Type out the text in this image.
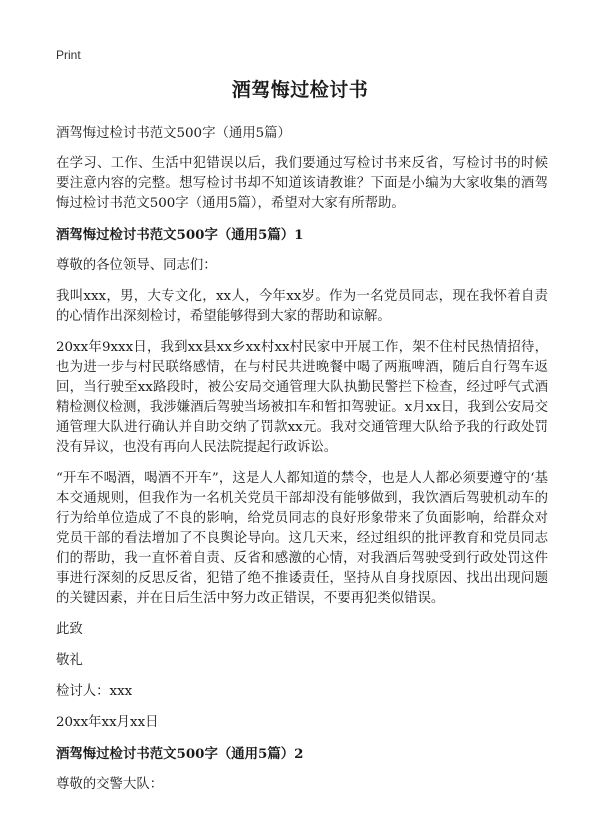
Print
酒驾悔过检讨书

酒驾悔过检讨书范文500字（通用5篇）

在学习、工作、生活中犯错误以后，我们要通过写检讨书来反省，写检讨书的时候要注意内容的完整。想写检讨书却不知道该请教谁？下面是小编为大家收集的酒驾悔过检讨书范文500字（通用5篇），希望对大家有所帮助。

酒驾悔过检讨书范文500字（通用5篇）1

尊敬的各位领导、同志们：

我叫xxx，男，大专文化，xx人，今年xx岁。作为一名党员同志，现在我怀着自责的心情作出深刻检讨，希望能够得到大家的帮助和谅解。

20xx年9xxx日，我到xx县xx乡xx村xx村民家中开展工作，架不住村民热情招待，也为进一步与村民联络感情，在与村民共进晚餐中喝了两瓶啤酒，随后自行驾车返回，当行驶至xx路段时，被公安局交通管理大队执勤民警拦下检查，经过呼气式酒精检测仪检测，我涉嫌酒后驾驶当场被扣车和暂扣驾驶证。x月xx日，我到公安局交通管理大队进行确认并自助交纳了罚款xx元。我对交通管理大队给予我的行政处罚没有异议，也没有再向人民法院提起行政诉讼。

“开车不喝酒，喝酒不开车”，这是人人都知道的禁令，也是人人都必须要遵守的‘基本交通规则，但我作为一名机关党员干部却没有能够做到，我饮酒后驾驶机动车的行为给单位造成了不良的影响，给党员同志的良好形象带来了负面影响，给群众对党员干部的看法增加了不良舆论导向。这几天来，经过组织的批评教育和党员同志们的帮助，我一直怀着自责、反省和感激的心情，对我酒后驾驶受到行政处罚这件事进行深刻的反思反省，犯错了绝不推诿责任，坚持从自身找原因、找出出现问题的关键因素，并在日后生活中努力改正错误，不要再犯类似错误。

此致

敬礼

检讨人：xxx

20xx年xx月xx日

酒驾悔过检讨书范文500字（通用5篇）2

尊敬的交警大队：
